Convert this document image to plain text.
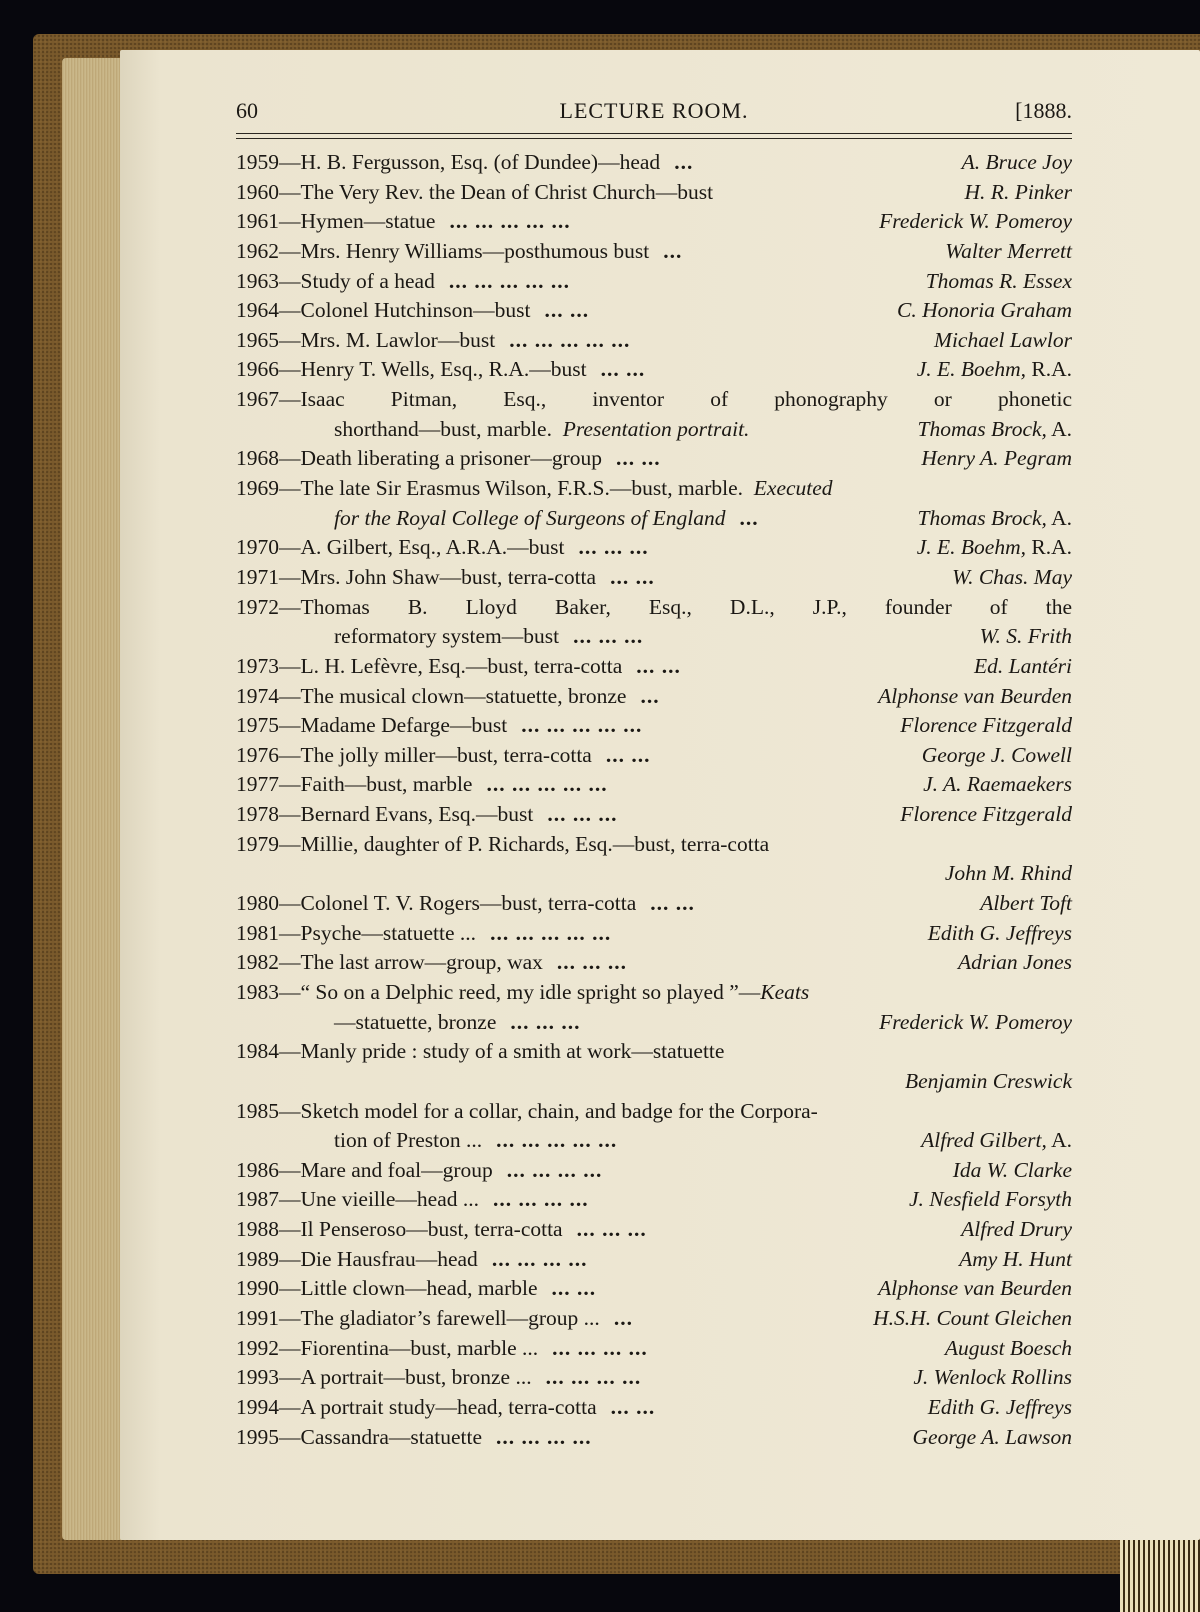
LECTURE ROOM.
60	[1888.
1959—H. B. Fergusson, Esq. (of Dundee)—head ...	A. Bruce Joy
1960—The Very Rev. the Dean of Christ Church—bust	H. R. Pinker
1961—Hymen—statue ... ... ... ... ...	Frederick W. Pomeroy
1962—Mrs. Henry Williams—posthumous bust ...	Walter Merrett
1963—Study of a head ... ... ... ... ...	Thomas R. Essex
1964—Colonel Hutchinson—bust ... ...	C. Honoria Graham
1965—Mrs. M. Lawlor—bust ... ... ... ... ...	Michael Lawlor
1966—Henry T. Wells, Esq., R.A.—bust ... ...	J. E. Boehm, R.A.
1967—Isaac Pitman, Esq., inventor of phonography or phonetic
shorthand—bust, marble.
Presentation portrait.	Thomas Brock, A.
1968—Death liberating a prisoner—group ... ...	Henry A. Pegram
1969—The late Sir Erasmus Wilson, F.R.S.—bust, marble.
Executed
for the Royal College of Surgeons of England ...	Thomas Brock, A.
1970—A. Gilbert, Esq., A.R.A.—bust ... ... ...	J. E. Boehm, R.A.
1971—Mrs. John Shaw—bust, terra-cotta ... ...	W. Chas. May
1972—Thomas B. Lloyd Baker, Esq., D.L., J.P., founder of the
reformatory system—bust ... ... ...	W. S. Frith
1973—L. H. Lefèvre, Esq.—bust, terra-cotta ... ...	Ed. Lantéri
1974—The musical clown—statuette, bronze ...	Alphonse van Beurden
1975—Madame Defarge—bust ... ... ... ... ...	Florence Fitzgerald
1976—The jolly miller—bust, terra-cotta ... ...	George J. Cowell
1977—Faith—bust, marble ... ... ... ... ...	J. A. Raemaekers
1978—Bernard Evans, Esq.—bust ... ... ...	Florence Fitzgerald
1979—Millie, daughter of P. Richards, Esq.—bust, terra-cotta
John M. Rhind
1980—Colonel T. V. Rogers—bust, terra-cotta ... ...	Albert Toft
1981—Psyche—statuette ... ... ... ... ... ...	Edith G. Jeffreys
1982—The last arrow—group, wax ... ... ...	Adrian Jones
1983—“ So on a Delphic reed, my idle spright so played ”— Keats
—statuette, bronze ... ... ...	Frederick W. Pomeroy
1984—Manly pride : study of a smith at work—statuette
Benjamin Creswick
1985—Sketch model for a collar, chain, and badge for the Corpora-
tion of Preston ... ... ... ... ... ...	Alfred Gilbert, A.
1986—Mare and foal—group ... ... ... ...	Ida W. Clarke
1987—Une vieille—head ... ... ... ... ...	J. Nesfield Forsyth
1988—Il Penseroso—bust, terra-cotta ... ... ...	Alfred Drury
1989—Die Hausfrau—head ... ... ... ...	Amy H. Hunt
1990—Little clown—head, marble ... ...	Alphonse van Beurden
1991—The gladiator’s farewell—group ... ...	H.S.H. Count Gleichen
1992—Fiorentina—bust, marble ... ... ... ... ...	August Boesch
1993—A portrait—bust, bronze ... ... ... ... ...	J. Wenlock Rollins
1994—A portrait study—head, terra-cotta ... ...	Edith G. Jeffreys
1995—Cassandra—statuette ... ... ... ...	George A. Lawson
